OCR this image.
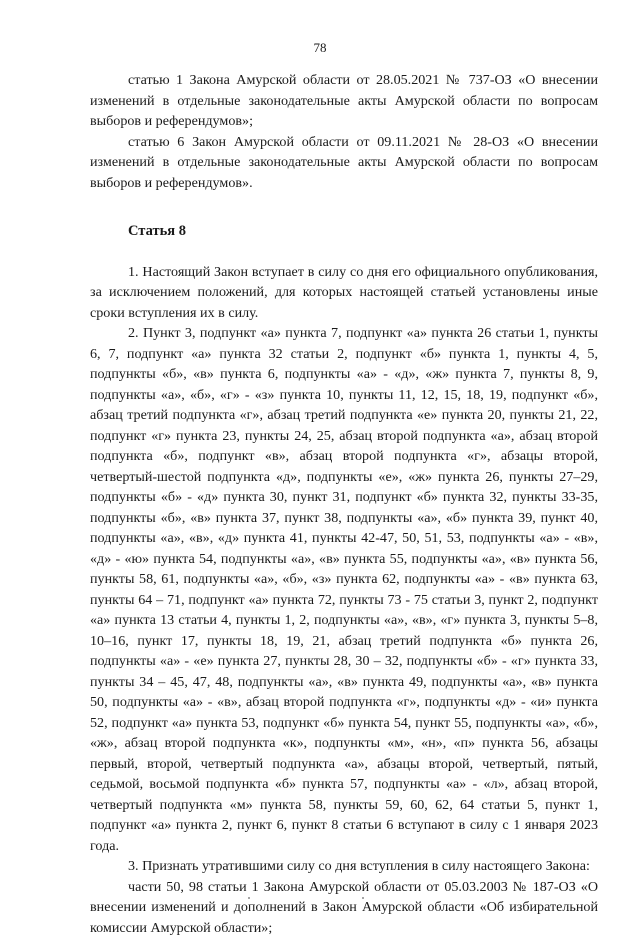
78

статью 1 Закона Амурской области от 28.05.2021 № 737-ОЗ «О внесении изменений в отдельные законодательные акты Амурской области по вопросам выборов и референдумов»;

статью 6 Закон Амурской области от 09.11.2021 № 28-ОЗ «О внесении изменений в отдельные законодательные акты Амурской области по вопросам выборов и референдумов».

Статья 8

1. Настоящий Закон вступает в силу со дня его официального опубликования, за исключением положений, для которых настоящей статьей установлены иные сроки вступления их в силу.

2. Пункт 3, подпункт «а» пункта 7, подпункт «а» пункта 26 статьи 1, пункты 6, 7, подпункт «а» пункта 32 статьи 2, подпункт «б» пункта 1, пункты 4, 5, подпункты «б», «в» пункта 6, подпункты «а» - «д», «ж» пункта 7, пункты 8, 9, подпункты «а», «б», «г» - «з» пункта 10, пункты 11, 12, 15, 18, 19, подпункт «б», абзац третий подпункта «г», абзац третий подпункта «е» пункта 20, пункты 21, 22, подпункт «г» пункта 23, пункты 24, 25, абзац второй подпункта «а», абзац второй подпункта «б», подпункт «в», абзац второй подпункта «г», абзацы второй, четвертый-шестой подпункта «д», подпункты «е», «ж» пункта 26, пункты 27–29, подпункты «б» - «д» пункта 30, пункт 31, подпункт «б» пункта 32, пункты 33-35, подпункты «б», «в» пункта 37, пункт 38, подпункты «а», «б» пункта 39, пункт 40, подпункты «а», «в», «д» пункта 41, пункты 42-47, 50, 51, 53, подпункты «а» - «в», «д» - «ю» пункта 54, подпункты «а», «в» пункта 55, подпункты «а», «в» пункта 56, пункты 58, 61, подпункты «а», «б», «з» пункта 62, подпункты «а» - «в» пункта 63, пункты 64 – 71, подпункт «а» пункта 72, пункты 73 - 75 статьи 3, пункт 2, подпункт «а» пункта 13 статьи 4, пункты 1, 2, подпункты «а», «в», «г» пункта 3, пункты 5–8, 10–16, пункт 17, пункты 18, 19, 21, абзац третий подпункта «б» пункта 26, подпункты «а» - «е» пункта 27, пункты 28, 30 – 32, подпункты «б» - «г» пункта 33, пункты 34 – 45, 47, 48, подпункты «а», «в» пункта 49, подпункты «а», «в» пункта 50, подпункты «а» - «в», абзац второй подпункта «г», подпункты «д» - «и» пункта 52, подпункт «а» пункта 53, подпункт «б» пункта 54, пункт 55, подпункты «а», «б», «ж», абзац второй подпункта «к», подпункты «м», «н», «п» пункта 56, абзацы первый, второй, четвертый подпункта «а», абзацы второй, четвертый, пятый, седьмой, восьмой подпункта «б» пункта 57, подпункты «а» - «л», абзац второй, четвертый подпункта «м» пункта 58, пункты 59, 60, 62, 64 статьи 5, пункт 1, подпункт «а» пункта 2, пункт 6, пункт 8 статьи 6 вступают в силу с 1 января 2023 года.

3. Признать утратившими силу со дня вступления в силу настоящего Закона:

части 50, 98 статьи 1 Закона Амурской области от 05.03.2003 № 187-ОЗ «О внесении изменений и дополнений в Закон Амурской области «Об избирательной комиссии Амурской области»;
